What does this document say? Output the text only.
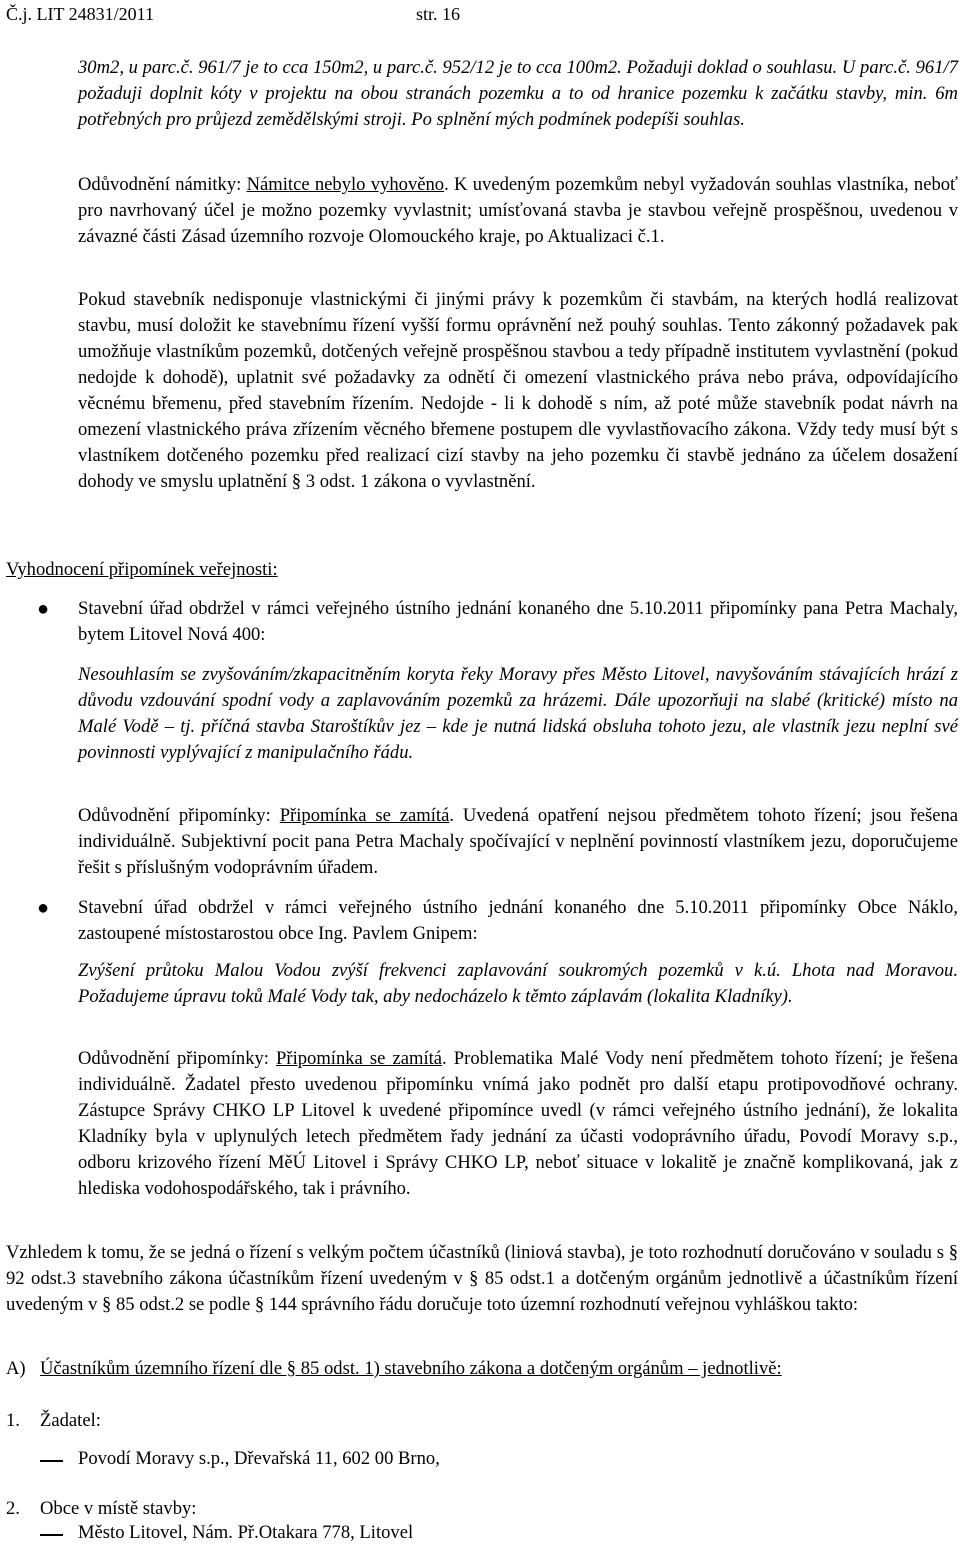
Č.j. LIT 24831/2011	str. 16

30m2, u parc.č. 961/7 je to cca 150m2, u parc.č. 952/12 je to cca 100m2. Požaduji doklad o souhlasu. U parc.č. 961/7 požaduji doplnit kóty v projektu na obou stranách pozemku a to od hranice pozemku k začátku stavby, min. 6m potřebných pro průjezd zemědělskými stroji. Po splnění mých podmínek podepíši souhlas.

Odůvodnění námitky: Námitce nebylo vyhověno. K uvedeným pozemkům nebyl vyžadován souhlas vlastníka, neboť pro navrhovaný účel je možno pozemky vyvlastnit; umísťovaná stavba je stavbou veřejně prospěšnou, uvedenou v závazné části Zásad územního rozvoje Olomouckého kraje, po Aktualizaci č.1.

Pokud stavebník nedisponuje vlastnickými či jinými právy k pozemkům či stavbám, na kterých hodlá realizovat stavbu, musí doložit ke stavebnímu řízení vyšší formu oprávnění než pouhý souhlas. Tento zákonný požadavek pak umožňuje vlastníkům pozemků, dotčených veřejně prospěšnou stavbou a tedy případně institutem vyvlastnění (pokud nedojde k dohodě), uplatnit své požadavky za odnětí či omezení vlastnického práva nebo práva, odpovídajícího věcnému břemenu, před stavebním řízením. Nedojde - li k dohodě s ním, až poté může stavebník podat návrh na omezení vlastnického práva zřízením věcného břemene postupem dle vyvlastňovacího zákona. Vždy tedy musí být s vlastníkem dotčeného pozemku před realizací cizí stavby na jeho pozemku či stavbě jednáno za účelem dosažení dohody ve smyslu uplatnění § 3 odst. 1 zákona o vyvlastnění.

Vyhodnocení připomínek veřejnosti:
● Stavební úřad obdržel v rámci veřejného ústního jednání konaného dne 5.10.2011 připomínky pana Petra Machaly, bytem Litovel Nová 400:

Nesouhlasím se zvyšováním/zkapacitněním koryta řeky Moravy přes Město Litovel, navyšováním stávajících hrází z důvodu vzdouvání spodní vody a zaplavováním pozemků za hrázemi. Dále upozorňuji na slabé (kritické) místo na Malé Vodě – tj. příčná stavba Staroštíkův jez – kde je nutná lidská obsluha tohoto jezu, ale vlastník jezu neplní své povinnosti vyplývající z manipulačního řádu.

Odůvodnění připomínky: Připomínka se zamítá. Uvedená opatření nejsou předmětem tohoto řízení; jsou řešena individuálně. Subjektivní pocit pana Petra Machaly spočívající v neplnění povinností vlastníkem jezu, doporučujeme řešit s příslušným vodoprávním úřadem.

● Stavební úřad obdržel v rámci veřejného ústního jednání konaného dne 5.10.2011 připomínky Obce Náklo, zastoupené místostarostou obce Ing. Pavlem Gnipem:

Zvýšení průtoku Malou Vodou zvýší frekvenci zaplavování soukromých pozemků v k.ú. Lhota nad Moravou. Požadujeme úpravu toků Malé Vody tak, aby nedocházelo k těmto záplavám (lokalita Kladníky).

Odůvodnění připomínky: Připomínka se zamítá. Problematika Malé Vody není předmětem tohoto řízení; je řešena individuálně. Žadatel přesto uvedenou připomínku vnímá jako podnět pro další etapu protipovodňové ochrany. Zástupce Správy CHKO LP Litovel k uvedené připomínce uvedl (v rámci veřejného ústního jednání), že lokalita Kladníky byla v uplynulých letech předmětem řady jednání za účasti vodoprávního úřadu, Povodí Moravy s.p., odboru krizového řízení MěÚ Litovel i Správy CHKO LP, neboť situace v lokalitě je značně komplikovaná, jak z hlediska vodohospodářského, tak i právního.

Vzhledem k tomu, že se jedná o řízení s velkým počtem účastníků (liniová stavba), je toto rozhodnutí doručováno v souladu s § 92 odst.3 stavebního zákona účastníkům řízení uvedeným v § 85 odst.1 a dotčeným orgánům jednotlivě a účastníkům řízení uvedeným v § 85 odst.2 se podle § 144 správního řádu doručuje toto územní rozhodnutí veřejnou vyhláškou takto:

A) Účastníkům územního řízení dle § 85 odst. 1) stavebního zákona a dotčeným orgánům – jednotlivě:
1. Žadatel:
Povodí Moravy s.p., Dřevařská 11, 602 00 Brno,
2. Obce v místě stavby:
Město Litovel, Nám. Př.Otakara 778, Litovel
